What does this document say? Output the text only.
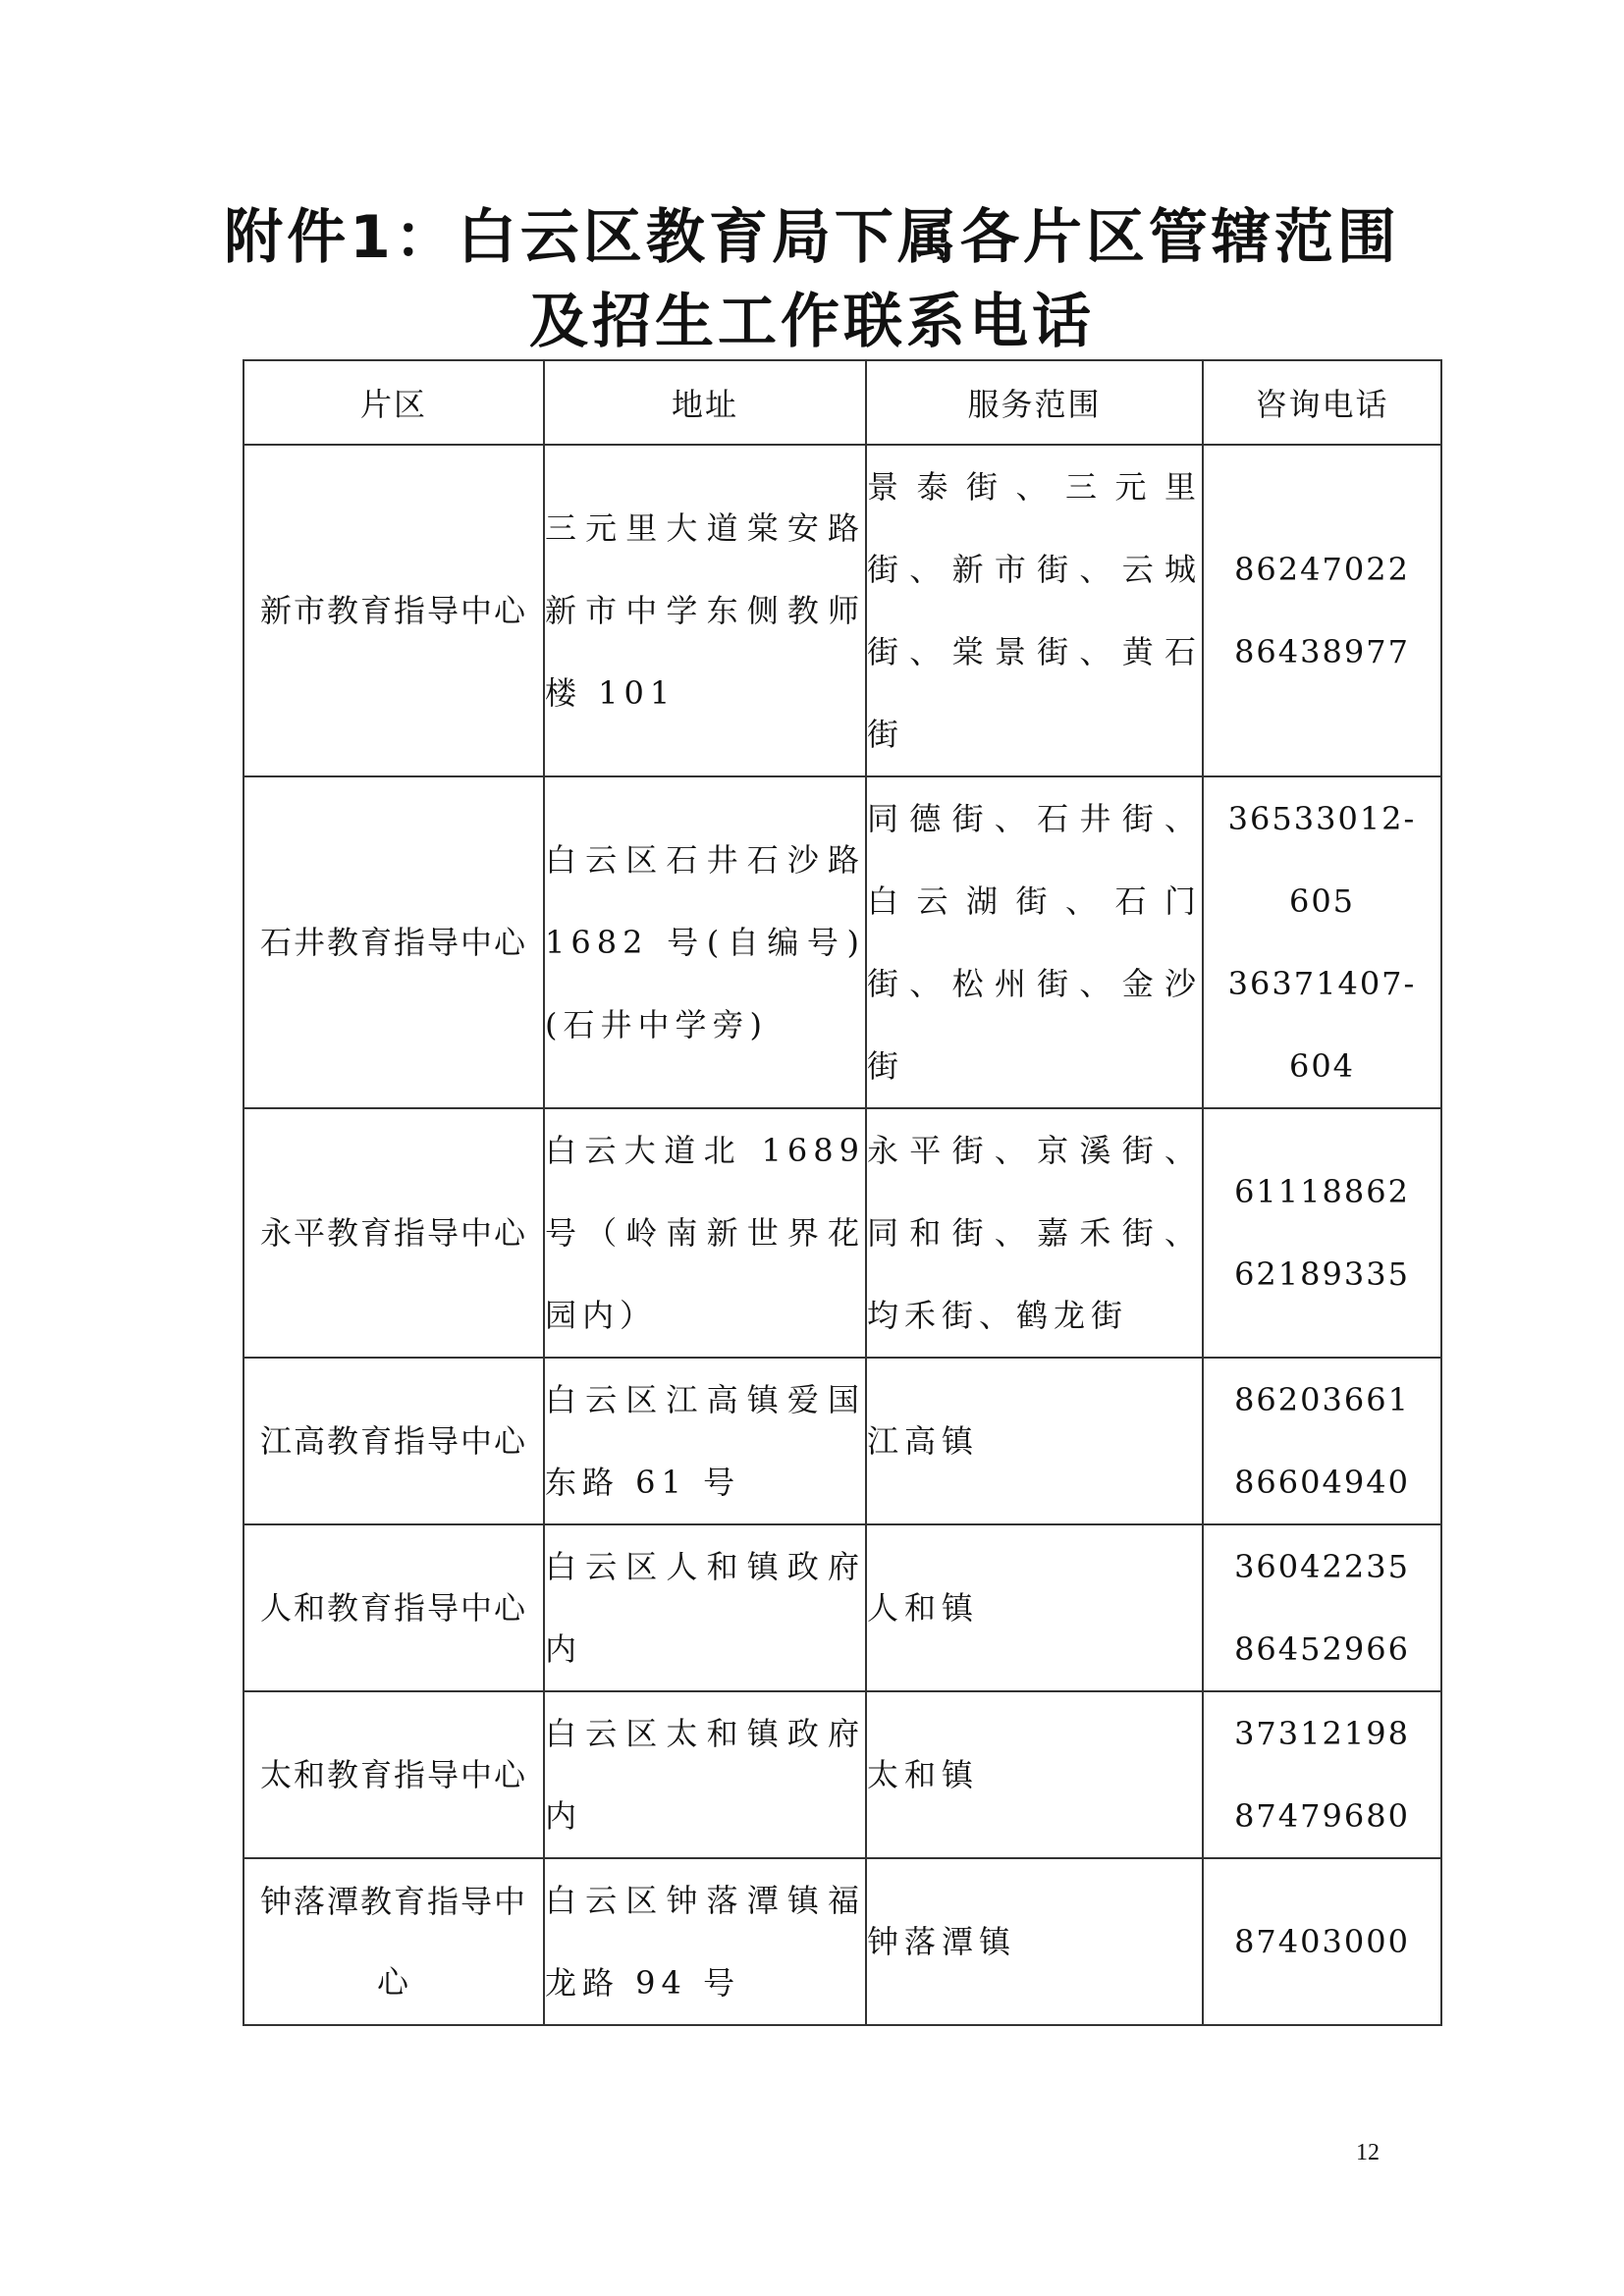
附件1：白云区教育局下属各片区管辖范围
及招生工作联系电话
片区	地址	服务范围	咨询电话
新市教育指导中心	三元里大道棠安路新市中学东侧教师楼 101	景泰街、三元里街、新市街、云城街、棠景街、黄石街	86247022
86438977

石井教育指导中心	白云区石井石沙路 1682 号(自编号)(石井中学旁)	同德街、石井街、白云湖街、石门街、松州街、金沙街	36533012-605
36371407-604

永平教育指导中心	白云大道北 1689 号（岭南新世界花园内）	永平街、京溪街、同和街、嘉禾街、均禾街、鹤龙街	61118862
62189335

江高教育指导中心	白云区江高镇爱国东路 61 号	江高镇	86203661
86604940

人和教育指导中心	白云区人和镇政府内	人和镇	36042235
86452966

太和教育指导中心	白云区太和镇政府内	太和镇	37312198
87479680

钟落潭教育指导中心	白云区钟落潭镇福龙路 94 号	钟落潭镇	87403000
12
